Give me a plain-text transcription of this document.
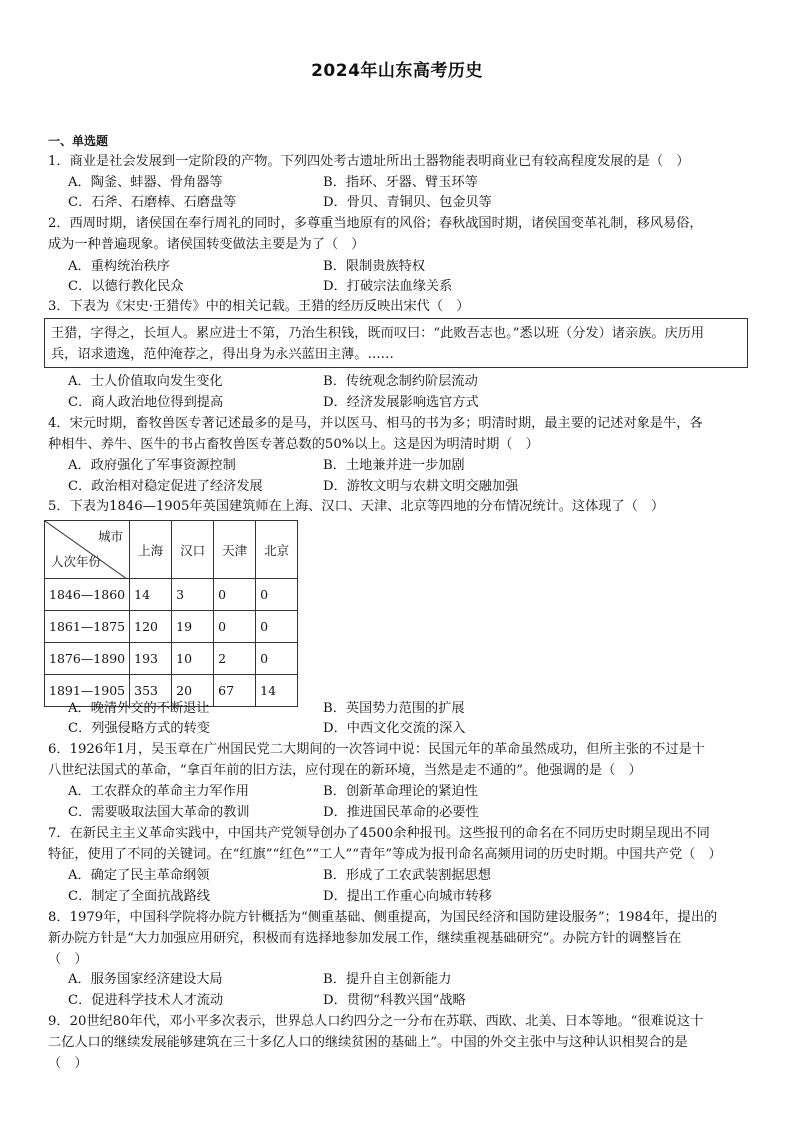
2024年山东高考历史
一、单选题
1．商业是社会发展到一定阶段的产物。下列四处考古遗址所出土器物能表明商业已有较高程度发展的是（　）
A．陶釜、蚌器、骨角器等	B．指环、牙器、臂玉环等
C．石斧、石磨棒、石磨盘等	D．骨贝、青铜贝、包金贝等
2．西周时期，诸侯国在奉行周礼的同时，多尊重当地原有的风俗；春秋战国时期，诸侯国变革礼制，移风易俗，
成为一种普遍现象。诸侯国转变做法主要是为了（　）
A．重构统治秩序	B．限制贵族特权
C．以德行教化民众	D．打破宗法血缘关系
3．下表为《宋史·王猎传》中的相关记载。王猎的经历反映出宋代（　）
王猎，字得之，长垣人。累应进士不第，乃治生积钱，既而叹曰：“此败吾志也。”悉以班（分发）诸亲族。庆历用
兵，诏求遗逸，范仲淹荐之，得出身为永兴蓝田主薄。……
A．士人价值取向发生变化	B．传统观念制约阶层流动
C．商人政治地位得到提高	D．经济发展影响选官方式
4．宋元时期，畜牧兽医专著记述最多的是马，并以医马、相马的书为多；明清时期，最主要的记述对象是牛，各
种相牛、养牛、医牛的书占畜牧兽医专著总数的50%以上。这是因为明清时期（　）
A．政府强化了军事资源控制	B．土地兼并进一步加剧
C．政治相对稳定促进了经济发展	D．游牧文明与农耕文明交融加强
5．下表为1846—1905年英国建筑师在上海、汉口、天津、北京等四地的分布情况统计。这体现了（　）
城市
人次年份	上海	汉口	天津	北京
1846—1860	14	3	0	0
1861—1875	120	19	0	0
1876—1890	193	10	2	0
1891—1905	353	20	67	14
A．晚清外交的不断退让	B．英国势力范围的扩展
C．列强侵略方式的转变	D．中西文化交流的深入
6．1926年1月，吴玉章在广州国民党二大期间的一次答词中说：民国元年的革命虽然成功，但所主张的不过是十
八世纪法国式的革命，“拿百年前的旧方法，应付现在的新环境，当然是走不通的”。他强调的是（　）
A．工农群众的革命主力军作用	B．创新革命理论的紧迫性
C．需要吸取法国大革命的教训	D．推进国民革命的必要性
7．在新民主主义革命实践中，中国共产党领导创办了4500余种报刊。这些报刊的命名在不同历史时期呈现出不同
特征，使用了不同的关键词。在“红旗”“红色”“工人”“青年”等成为报刊命名高频用词的历史时期。中国共产党（　）
A．确定了民主革命纲领	B．形成了工农武装割据思想
C．制定了全面抗战路线	D．提出工作重心向城市转移
8．1979年，中国科学院将办院方针概括为“侧重基础、侧重提高，为国民经济和国防建设服务”；1984年，提出的
新办院方针是“大力加强应用研究，积极而有选择地参加发展工作，继续重视基础研究”。办院方针的调整旨在
（　）
A．服务国家经济建设大局	B．提升自主创新能力
C．促进科学技术人才流动	D．贯彻“科教兴国”战略
9．20世纪80年代，邓小平多次表示，世界总人口约四分之一分布在苏联、西欧、北美、日本等地。“很难说这十
二亿人口的继续发展能够建筑在三十多亿人口的继续贫困的基础上”。中国的外交主张中与这种认识相契合的是
（　）
